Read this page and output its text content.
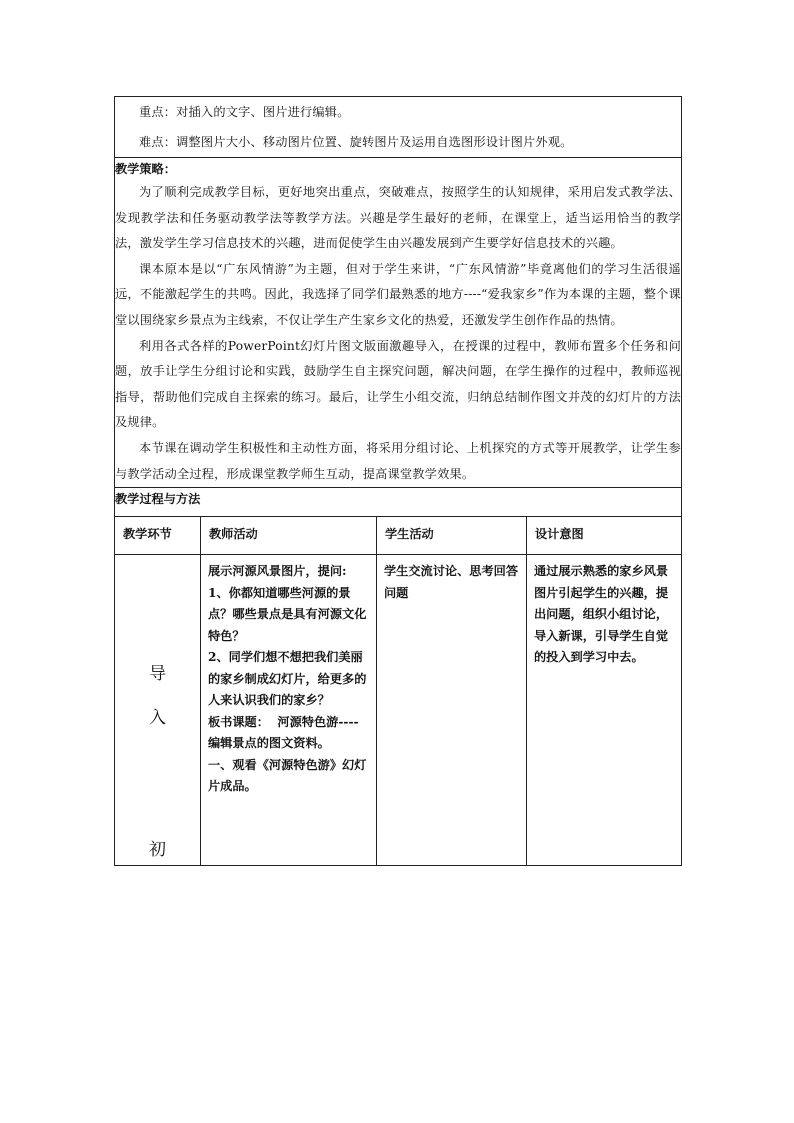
重点：对插入的文字、图片进行编辑。

难点：调整图片大小、移动图片位置、旋转图片及运用自选图形设计图片外观。			

教学策略：

为了顺利完成教学目标，更好地突出重点，突破难点，按照学生的认知规律，采用启发式教学法、发现教学法和任务驱动教学法等教学方法。兴趣是学生最好的老师，在课堂上，适当运用恰当的教学法，激发学生学习信息技术的兴趣，进而促使学生由兴趣发展到产生要学好信息技术的兴趣。

课本原本是以“广东风情游”为主题，但对于学生来讲，“广东风情游”毕竟离他们的学习生活很遥远，不能激起学生的共鸣。因此，我选择了同学们最熟悉的地方----“爱我家乡”作为本课的主题，整个课堂以围绕家乡景点为主线索，不仅让学生产生家乡文化的热爱，还激发学生创作作品的热情。

利用各式各样的PowerPoint幻灯片图文版面激趣导入，在授课的过程中，教师布置多个任务和问题，放手让学生分组讨论和实践，鼓励学生自主探究问题，解决问题，在学生操作的过程中，教师巡视指导，帮助他们完成自主探索的练习。最后，让学生小组交流，归纳总结制作图文并茂的幻灯片的方法及规律。

本节课在调动学生积极性和主动性方面，将采用分组讨论、上机探究的方式等开展教学，让学生参与教学活动全过程，形成课堂教学师生互动，提高课堂教学效果。			

教学过程与方法			

教学环节	教师活动	学生活动	设计意图

导
入
初	展示河源风景图片，提问:
1、你都知道哪些河源的景点？哪些景点是具有河源文化特色？
2、同学们想不想把我们美丽的家乡制成幻灯片，给更多的人来认识我们的家乡？
板书课题：  河源特色游----编辑景点的图文资料。
一、观看《河源特色游》幻灯片成品。	学生交流讨论、思考回答问题	通过展示熟悉的家乡风景图片引起学生的兴趣，提出问题，组织小组讨论，导入新课，引导学生自觉的投入到学习中去。
